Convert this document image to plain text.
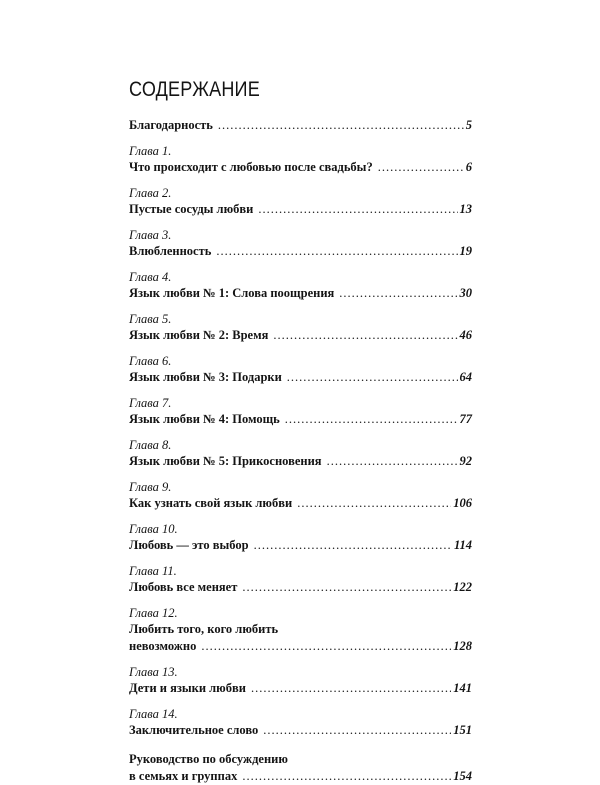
СОДЕРЖАНИЕ
Благодарность .....	5
Глава 1.
Что происходит с любовью после свадьбы? .....	6
Глава 2.
Пустые сосуды любви .....	13
Глава 3.
Влюбленность .....	19
Глава 4.
Язык любви № 1: Слова поощрения .....	30
Глава 5.
Язык любви № 2: Время .....	46
Глава 6.
Язык любви № 3: Подарки .....	64
Глава 7.
Язык любви № 4: Помощь .....	77
Глава 8.
Язык любви № 5: Прикосновения .....	92
Глава 9.
Как узнать свой язык любви .....	106
Глава 10.
Любовь — это выбор .....	114
Глава 11.
Любовь все меняет .....	122
Глава 12.
Любить того, кого любить
невозможно .....	128
Глава 13.
Дети и языки любви .....	141
Глава 14.
Заключительное слово .....	151
Руководство по обсуждению
в семьях и группах .....	154
